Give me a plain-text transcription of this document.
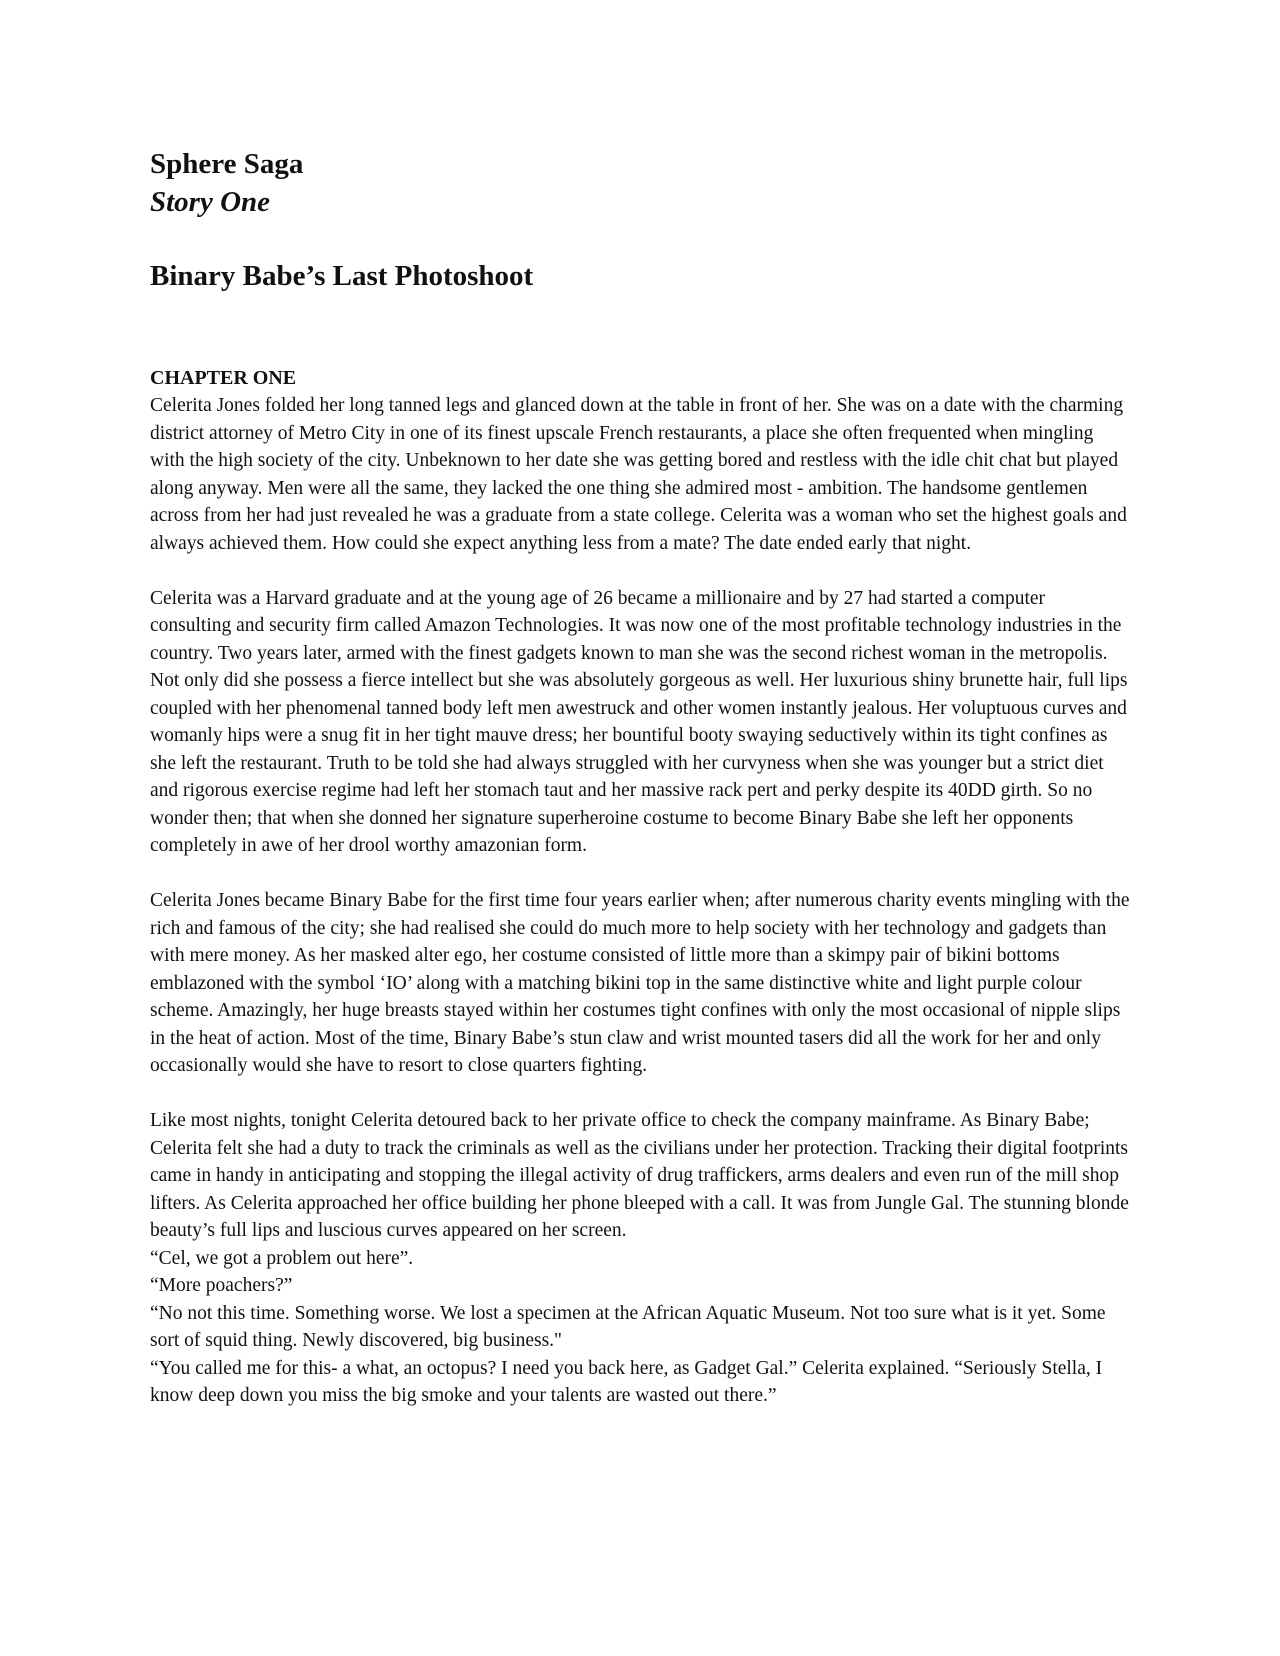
Sphere Saga
Story One
Binary Babe’s Last Photoshoot
CHAPTER ONE

Celerita Jones folded her long tanned legs and glanced down at the table in front of her. She was on a date with the charming district attorney of Metro City in one of its finest upscale French restaurants, a place she often frequented when mingling with the high society of the city. Unbeknown to her date she was getting bored and restless with the idle chit chat but played along anyway. Men were all the same, they lacked the one thing she admired most - ambition. The handsome gentlemen across from her had just revealed he was a graduate from a state college. Celerita was a woman who set the highest goals and always achieved them. How could she expect anything less from a mate? The date ended early that night.

Celerita was a Harvard graduate and at the young age of 26 became a millionaire and by 27 had started a computer consulting and security firm called Amazon Technologies. It was now one of the most profitable technology industries in the country. Two years later, armed with the finest gadgets known to man she was the second richest woman in the metropolis. Not only did she possess a fierce intellect but she was absolutely gorgeous as well. Her luxurious shiny brunette hair, full lips coupled with her phenomenal tanned body left men awestruck and other women instantly jealous. Her voluptuous curves and womanly hips were a snug fit in her tight mauve dress; her bountiful booty swaying seductively within its tight confines as she left the restaurant. Truth to be told she had always struggled with her curvyness when she was younger but a strict diet and rigorous exercise regime had left her stomach taut and her massive rack pert and perky despite its 40DD girth. So no wonder then; that when she donned her signature superheroine costume to become Binary Babe she left her opponents completely in awe of her drool worthy amazonian form.

Celerita Jones became Binary Babe for the first time four years earlier when; after numerous charity events mingling with the rich and famous of the city; she had realised she could do much more to help society with her technology and gadgets than with mere money. As her masked alter ego, her costume consisted of little more than a skimpy pair of bikini bottoms emblazoned with the symbol ‘IO’ along with a matching bikini top in the same distinctive white and light purple colour scheme. Amazingly, her huge breasts stayed within her costumes tight confines with only the most occasional of nipple slips in the heat of action. Most of the time, Binary Babe’s stun claw and wrist mounted tasers did all the work for her and only occasionally would she have to resort to close quarters fighting.

Like most nights, tonight Celerita detoured back to her private office to check the company mainframe. As Binary Babe; Celerita felt she had a duty to track the criminals as well as the civilians under her protection. Tracking their digital footprints came in handy in anticipating and stopping the illegal activity of drug traffickers, arms dealers and even run of the mill shop lifters. As Celerita approached her office building her phone bleeped with a call. It was from Jungle Gal. The stunning blonde beauty’s full lips and luscious curves appeared on her screen.

“Cel, we got a problem out here”.

“More poachers?”

“No not this time. Something worse. We lost a specimen at the African Aquatic Museum. Not too sure what is it yet. Some sort of squid thing. Newly discovered, big business."

“You called me for this- a what, an octopus? I need you back here, as Gadget Gal.” Celerita explained. “Seriously Stella, I know deep down you miss the big smoke and your talents are wasted out there.”
